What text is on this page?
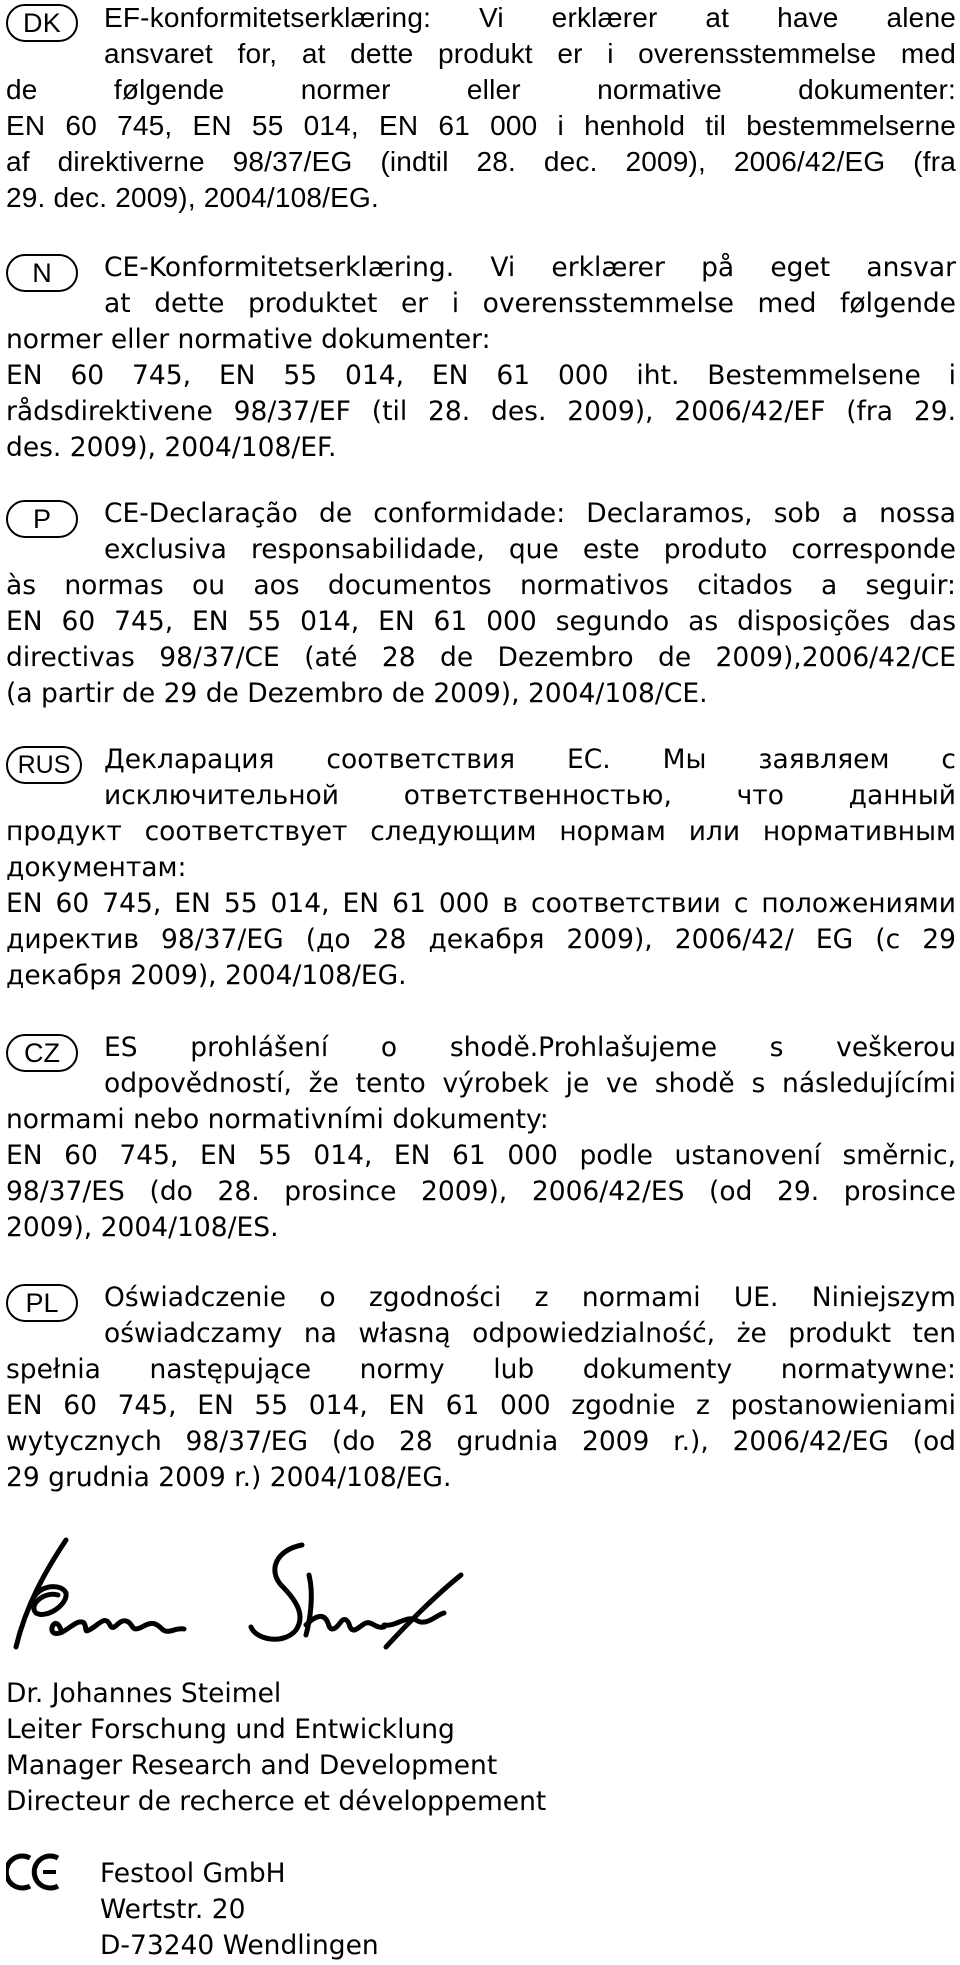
DK	EF-konformitetserklæring: Vi erklærer at have alene
ansvaret for, at dette produkt er i overensstemmelse med
de følgende normer eller normative dokumenter:
EN 60 745, EN 55 014, EN 61 000 i henhold til bestemmelserne
af direktiverne 98/37/EG (indtil 28. dec. 2009), 2006/42/EG (fra
29. dec. 2009), 2004/108/EG.
N	CE-Konformitetserklæring. Vi erklærer på eget ansvar
at dette produktet er i overensstemmelse med følgende
normer eller normative dokumenter:
EN 60 745, EN 55 014, EN 61 000 iht. Bestemmelsene i
rådsdirektivene 98/37/EF (til 28. des. 2009), 2006/42/EF (fra 29.
des. 2009), 2004/108/EF.
P	CE-Declaração de conformidade: Declaramos, sob a nossa
exclusiva responsabilidade, que este produto corresponde
às normas ou aos documentos normativos citados a seguir:
EN 60 745, EN 55 014, EN 61 000 segundo as disposições das
directivas 98/37/CE (até 28 de Dezembro de 2009),2006/42/CE
(a partir de 29 de Dezembro de 2009), 2004/108/CE.
RUS	Декларация соответствия ЕС. Мы заявляем с
исключительной ответственностью, что данный
продукт соответствует следующим нормам или нормативным
документам:
EN 60 745, EN 55 014, EN 61 000 в соответствии с положениями
директив 98/37/EG (до 28 декабря 2009), 2006/42/ EG (с 29
декабря 2009), 2004/108/EG.
CZ	ES prohlášení o shodě.Prohlašujeme s veškerou
odpovědností, že tento výrobek je ve shodě s následujícími
normami nebo normativními dokumenty:
EN 60 745, EN 55 014, EN 61 000 podle ustanovení směrnic,
98/37/ES (do 28. prosince 2009), 2006/42/ES (od 29. prosince
2009), 2004/108/ES.
PL	Oświadczenie o zgodności z normami UE. Niniejszym
oświadczamy na własną odpowiedzialność, że produkt ten
spełnia następujące normy lub dokumenty normatywne:
EN 60 745, EN 55 014, EN 61 000 zgodnie z postanowieniami
wytycznych 98/37/EG (do 28 grudnia 2009 r.), 2006/42/EG (od
29 grudnia 2009 r.) 2004/108/EG.
Dr. Johannes Steimel
Leiter Forschung und Entwicklung
Manager Research and Development
Directeur de recherce et développement
Festool GmbH
Wertstr. 20
D-73240 Wendlingen
